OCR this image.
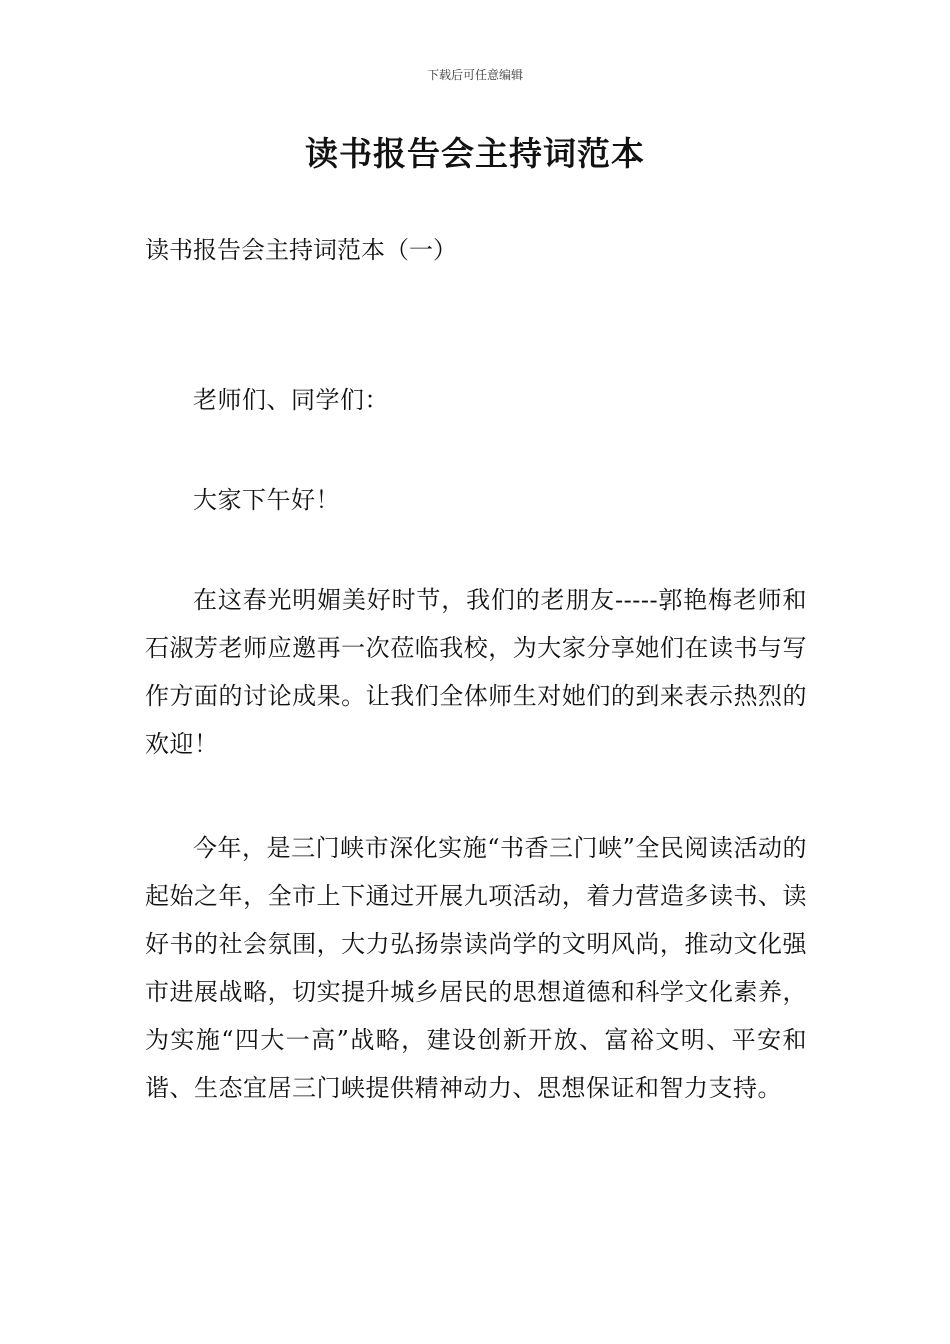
下载后可任意编辑
读书报告会主持词范本

读书报告会主持词范本（一）

老师们、同学们：

大家下午好！

在这春光明媚美好时节，我们的老朋友-----郭艳梅老师和石淑芳老师应邀再一次莅临我校，为大家分享她们在读书与写作方面的讨论成果。让我们全体师生对她们的到来表示热烈的欢迎！

今年，是三门峡市深化实施“书香三门峡”全民阅读活动的起始之年，全市上下通过开展九项活动，着力营造多读书、读好书的社会氛围，大力弘扬崇读尚学的文明风尚，推动文化强市进展战略，切实提升城乡居民的思想道德和科学文化素养，为实施“四大一高”战略，建设创新开放、富裕文明、平安和谐、生态宜居三门峡提供精神动力、思想保证和智力支持。
